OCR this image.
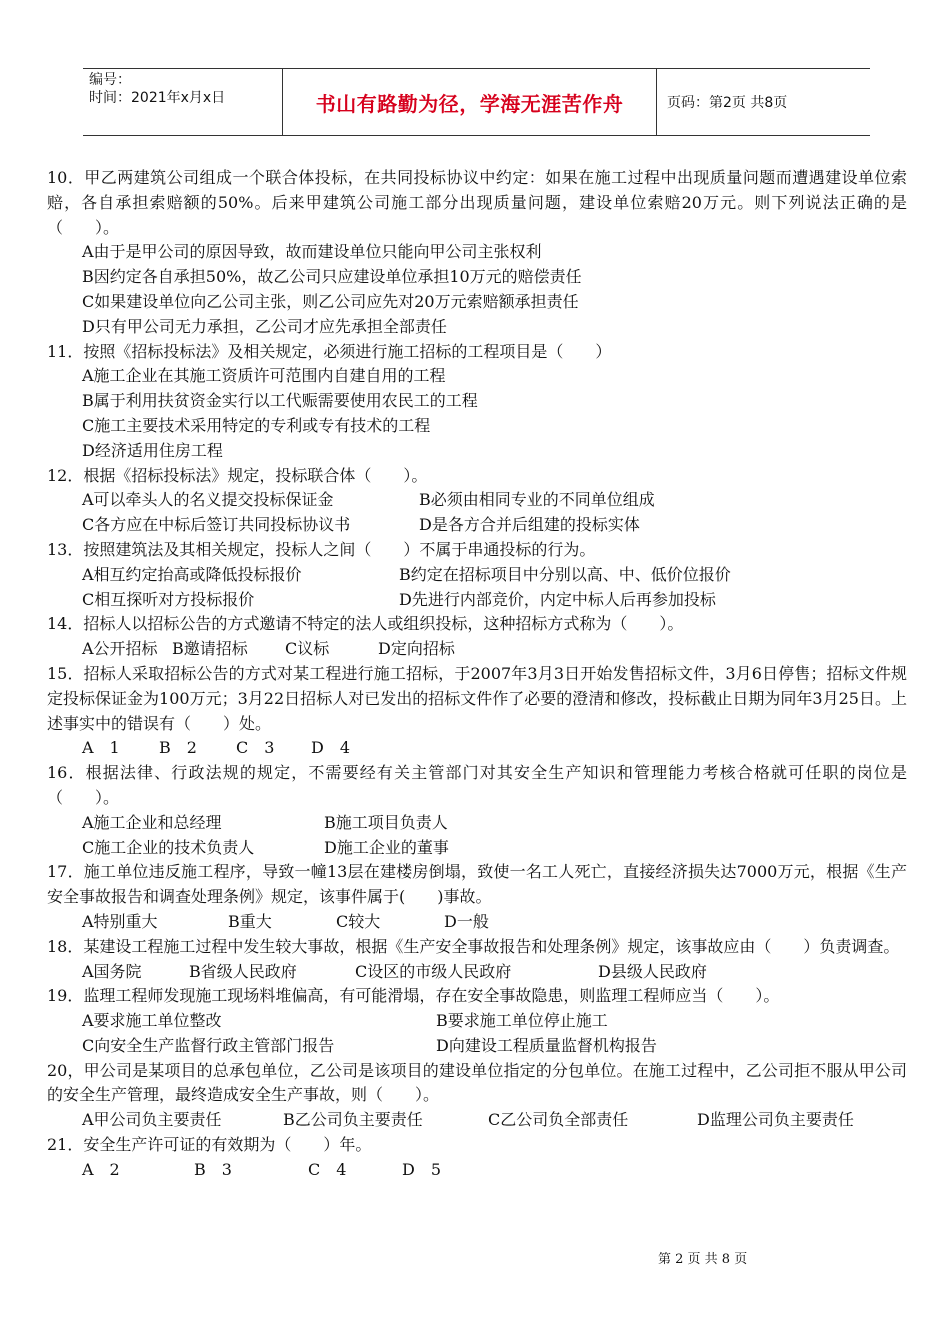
编号：
时间：2021年x月x日	书山有路勤为径，学海无涯苦作舟	页码：第2页 共8页
10．甲乙两建筑公司组成一个联合体投标，在共同投标协议中约定：如果在施工过程中出现质量问题而遭遇建设单位索赔，各自承担索赔额的50%。后来甲建筑公司施工部分出现质量问题，建设单位索赔20万元。则下列说法正确的是（　　）。
A由于是甲公司的原因导致，故而建设单位只能向甲公司主张权利
B因约定各自承担50%，故乙公司只应建设单位承担10万元的赔偿责任
C如果建设单位向乙公司主张，则乙公司应先对20万元索赔额承担责任
D只有甲公司无力承担，乙公司才应先承担全部责任
11．按照《招标投标法》及相关规定，必须进行施工招标的工程项目是（　　）
A施工企业在其施工资质许可范围内自建自用的工程
B属于利用扶贫资金实行以工代赈需要使用农民工的工程
C施工主要技术采用特定的专利或专有技术的工程
D经济适用住房工程
12．根据《招标投标法》规定，投标联合体（　　）。
A可以牵头人的名义提交投标保证金	B必须由相同专业的不同单位组成
C各方应在中标后签订共同投标协议书	D是各方合并后组建的投标实体
13．按照建筑法及其相关规定，投标人之间（　　）不属于串通投标的行为。
A相互约定抬高或降低投标报价	B约定在招标项目中分别以高、中、低价位报价
C相互探听对方投标报价	D先进行内部竞价，内定中标人后再参加投标
14．招标人以招标公告的方式邀请不特定的法人或组织投标，这种招标方式称为（　　）。
A公开招标 B邀请招标 C议标	D定向招标
15．招标人采取招标公告的方式对某工程进行施工招标，于2007年3月3日开始发售招标文件，3月6日停售；招标文件规定投标保证金为100万元；3月22日招标人对已发出的招标文件作了必要的澄清和修改，投标截止日期为同年3月25日。上述事实中的错误有（　　）处。
A　1 B　2 C　3 D　4
16．根据法律、行政法规的规定，不需要经有关主管部门对其安全生产知识和管理能力考核合格就可任职的岗位是（　　）。
A施工企业和总经理	B施工项目负责人
C施工企业的技术负责人	D施工企业的董事
17．施工单位违反施工程序，导致一幢13层在建楼房倒塌，致使一名工人死亡，直接经济损失达7000万元，根据《生产安全事故报告和调查处理条例》规定，该事件属于(　　)事故。
A特别重大	B重大	C较大	D一般
18．某建设工程施工过程中发生较大事故，根据《生产安全事故报告和处理条例》规定，该事故应由（　　）负责调查。
A国务院	B省级人民政府	C设区的市级人民政府	D县级人民政府
19．监理工程师发现施工现场料堆偏高，有可能滑塌，存在安全事故隐患，则监理工程师应当（　　）。
A要求施工单位整改	B要求施工单位停止施工
C向安全生产监督行政主管部门报告	D向建设工程质量监督机构报告
20，甲公司是某项目的总承包单位，乙公司是该项目的建设单位指定的分包单位。在施工过程中，乙公司拒不服从甲公司的安全生产管理，最终造成安全生产事故，则（　　）。
A甲公司负主要责任	B乙公司负主要责任	C乙公司负全部责任	D监理公司负主要责任
21．安全生产许可证的有效期为（　　）年。
A　2	B　3	C　4	D　5
第 2 页 共 8 页
